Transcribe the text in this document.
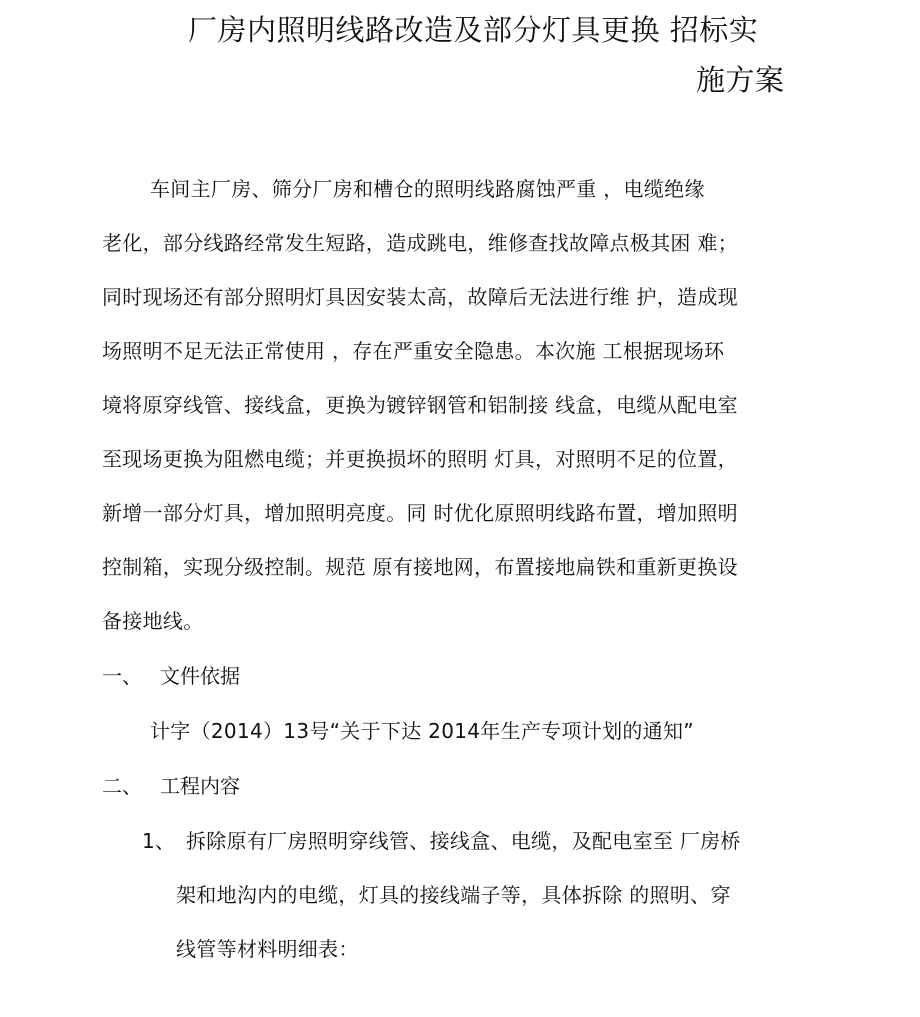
厂房内照明线路改造及部分灯具更换 招标实
施方案
车间主厂房、筛分厂房和槽仓的照明线路腐蚀严重 ，电缆绝缘
老化，部分线路经常发生短路，造成跳电，维修查找故障点极其困 难；
同时现场还有部分照明灯具因安装太高，故障后无法进行维 护，造成现
场照明不足无法正常使用 ，存在严重安全隐患。本次施 工根据现场环
境将原穿线管、接线盒，更换为镀锌钢管和铝制接 线盒，电缆从配电室
至现场更换为阻燃电缆；并更换损坏的照明 灯具，对照明不足的位置，
新增一部分灯具，增加照明亮度。同 时优化原照明线路布置，增加照明
控制箱，实现分级控制。规范 原有接地网，布置接地扁铁和重新更换设
备接地线。
一、 文件依据
计字（2014）13号“关于下达 2014年生产专项计划的通知”
二、 工程内容
1、 拆除原有厂房照明穿线管、接线盒、电缆，及配电室至 厂房桥
架和地沟内的电缆，灯具的接线端子等，具体拆除 的照明、穿
线管等材料明细表：
